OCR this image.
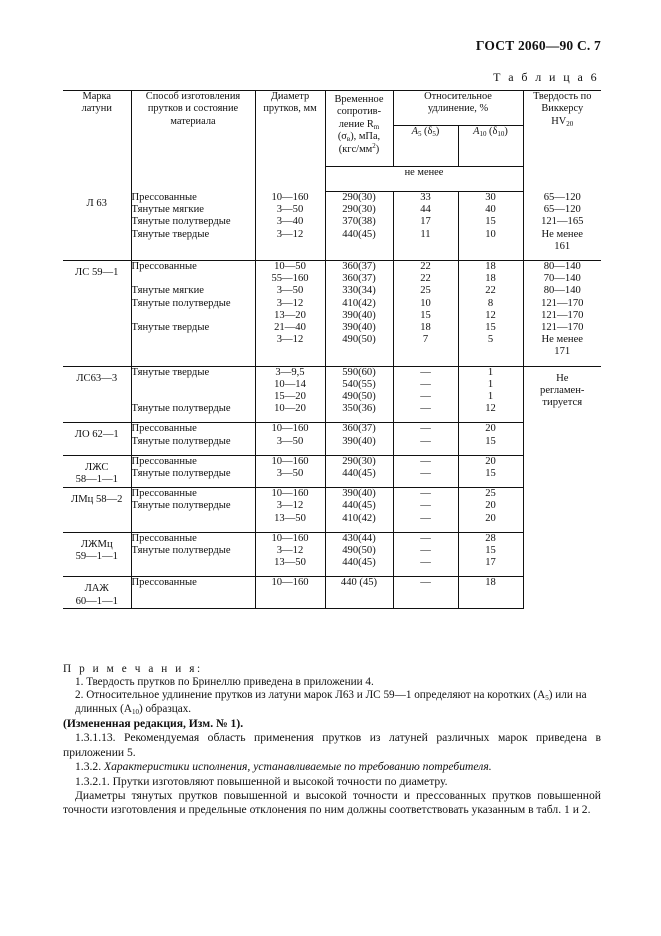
ГОСТ 2060—90 С. 7
Т а б л и ц а 6
Марка латуни	Способ изготовления прутков и состояние материала	Диаметр прутков, мм	Временное сопротив-ление Rm (σв), мПа, $(кгс/мм^2)$	Относительное удлинение, %		Твердость по Виккерсу HV20

				A5 (δ5)	A10 (δ10)	
			не менее			

Л 63	Прессованные	10—160	290(30)	33	30	65—120
	Тянутые мягкие	3—50	290(30)	44	40	65—120
	Тянутые полутвердые	3—40	370(38)	17	15	121—165
	Тянутые твердые	3—12	440(45)	11	10	Не менее
						161

ЛС 59—1	Прессованные	10—50	360(37)	22	18	80—140
		55—160	360(37)	22	18	70—140
	Тянутые мягкие	3—50	330(34)	25	22	80—140
	Тянутые полутвердые	3—12	410(42)	10	8	121—170
		13—20	390(40)	15	12	121—170
	Тянутые твердые	21—40	390(40)	18	15	121—170
		3—12	490(50)	7	5	Не менее
						171

ЛС63—3	Тянутые твердые	3—9,5	590(60)	—	1	Не
регламен-
тируется

		10—14	540(55)	—	1	
		15—20	490(50)	—	1	
	Тянутые полутвердые	10—20	350(36)	—	12	

ЛО 62—1	Прессованные	10—160	360(37)	—	20	
	Тянутые полутвердые	3—50	390(40)	—	15	

ЛЖС
58—1—1	Прессованные	10—160	290(30)	—	20	
	Тянутые полутвердые	3—50	440(45)	—	15	

ЛМц 58—2	Прессованные	10—160	390(40)	—	25	
	Тянутые полутвердые	3—12	440(45)	—	20	
		13—50	410(42)	—	20	

ЛЖМц
59—1—1	Прессованные	10—160	430(44)	—	28	
	Тянутые полутвердые	3—12	490(50)	—	15	
		13—50	440(45)	—	17	

ЛАЖ
60—1—1	Прессованные	10—160	440 (45)	—	18	

П р и м е ч а н и я:
1. Твердость прутков по Бринеллю приведена в приложении 4.
2. Относительное удлинение прутков из латуни марок Л63 и ЛС 59—1 определяют на коротких (A5) или на длинных (A10) образцах.

(Измененная редакция, Изм. № 1).

1.3.1.13. Рекомендуемая область применения прутков из латуней различных марок приведена в приложении 5.

1.3.2. Характеристики исполнения, устанавливаемые по требованию потребителя.

1.3.2.1. Прутки изготовляют повышенной и высокой точности по диаметру.

Диаметры тянутых прутков повышенной и высокой точности и прессованных прутков повышенной точности изготовления и предельные отклонения по ним должны соответствовать указанным в табл. 1 и 2.
